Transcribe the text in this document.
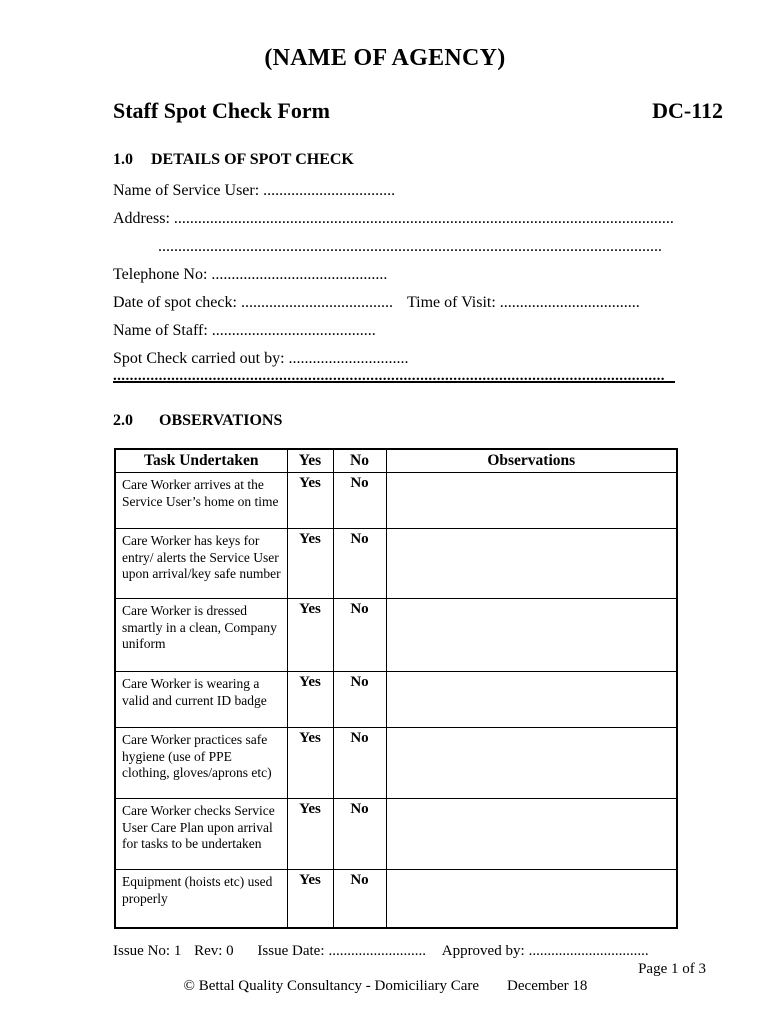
(NAME OF AGENCY)
Staff Spot Check Form	DC-112
1.0 DETAILS OF SPOT CHECK
Name of Service User: .................................
Address: .............................................................................................................................
..............................................................................................................................
Telephone No: ............................................
Date of spot check: ...................................... Time of Visit: ...................................
Name of Staff: .........................................
Spot Check carried out by: ..............................
.....................................................................................................................................
2.0 OBSERVATIONS
Task Undertaken	Yes	No	Observations

Care Worker arrives at the
Service User’s home on time	Yes	No	

Care Worker has keys for
entry/ alerts the Service User
upon arrival/key safe number	Yes	No	

Care Worker is dressed
smartly in a clean, Company
uniform	Yes	No	

Care Worker is wearing a
valid and current ID badge	Yes	No	

Care Worker practices safe
hygiene (use of PPE
clothing, gloves/aprons etc)	Yes	No	

Care Worker checks Service
User Care Plan upon arrival
for tasks to be undertaken	Yes	No	

Equipment (hoists etc) used
properly	Yes	No	
Issue No: 1 Rev: 0 Issue Date: .......................... Approved by: ................................
Page 1 of 3
© Bettal Quality Consultancy - Domiciliary Care December 18
